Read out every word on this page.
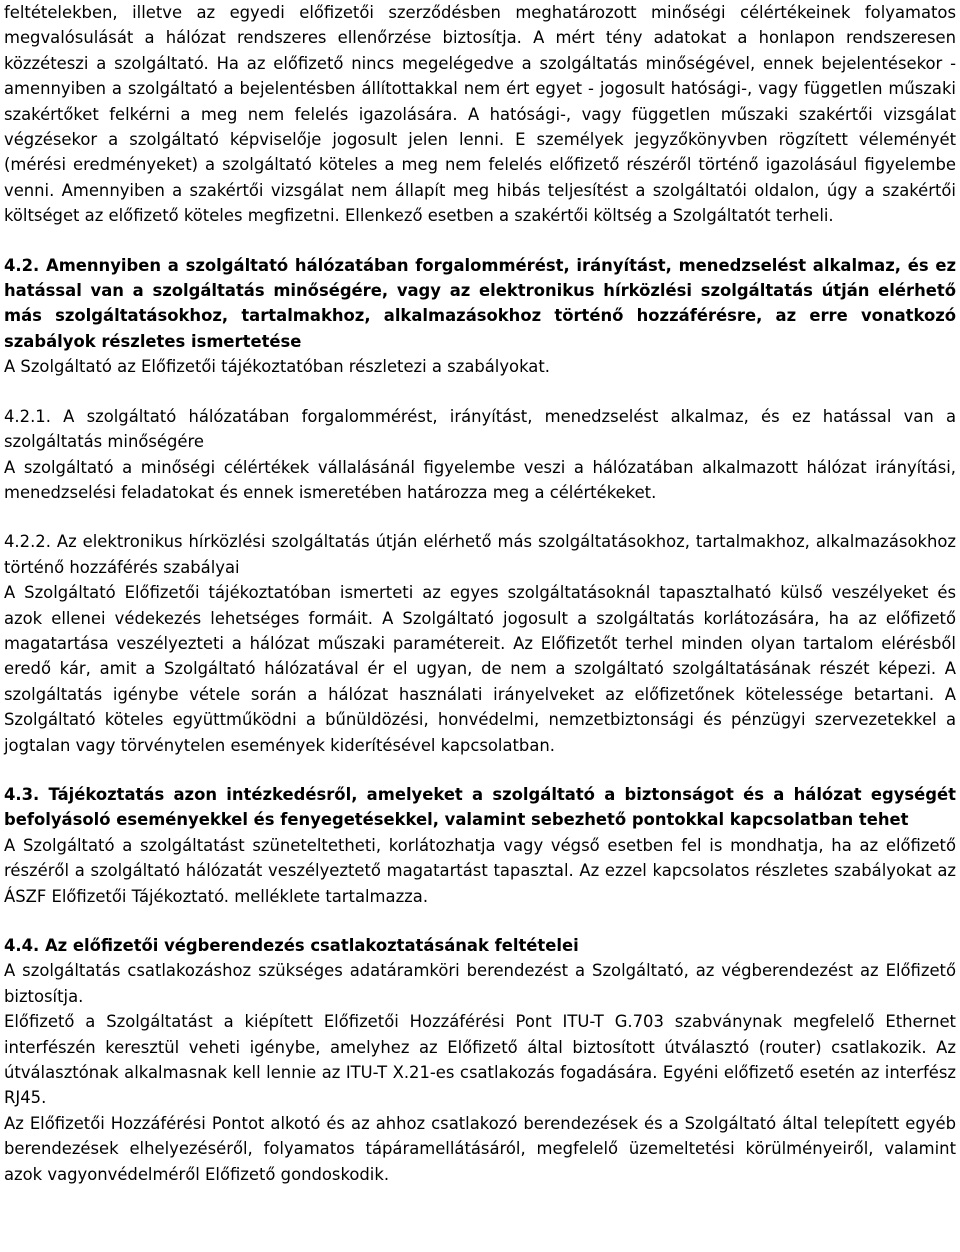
feltételekben, illetve az egyedi előfizetői szerződésben meghatározott minőségi célértékeinek folyamatos megvalósulását a hálózat rendszeres ellenőrzése biztosítja. A mért tény adatokat a honlapon rendszeresen közzéteszi a szolgáltató. Ha az előfizető nincs megelégedve a szolgáltatás minőségével, ennek bejelentésekor - amennyiben a szolgáltató a bejelentésben állítottakkal nem ért egyet - jogosult hatósági-, vagy független műszaki szakértőket felkérni a meg nem felelés igazolására. A hatósági-, vagy független műszaki szakértői vizsgálat végzésekor a szolgáltató képviselője jogosult jelen lenni. E személyek jegyzőkönyvben rögzített véleményét (mérési eredményeket) a szolgáltató köteles a meg nem felelés előfizető részéről történő igazolásául figyelembe venni. Amennyiben a szakértői vizsgálat nem állapít meg hibás teljesítést a szolgáltatói oldalon, úgy a szakértői költséget az előfizető köteles megfizetni. Ellenkező esetben a szakértői költség a Szolgáltatót terheli.

4.2. Amennyiben a szolgáltató hálózatában forgalommérést, irányítást, menedzselést alkalmaz, és ez hatással van a szolgáltatás minőségére, vagy az elektronikus hírközlési szolgáltatás útján elérhető más szolgáltatásokhoz, tartalmakhoz, alkalmazásokhoz történő hozzáférésre, az erre vonatkozó szabályok részletes ismertetése

A Szolgáltató az Előfizetői tájékoztatóban részletezi a szabályokat.

4.2.1. A szolgáltató hálózatában forgalommérést, irányítást, menedzselést alkalmaz, és ez hatással van a szolgáltatás minőségére

A szolgáltató a minőségi célértékek vállalásánál figyelembe veszi a hálózatában alkalmazott hálózat irányítási, menedzselési feladatokat és ennek ismeretében határozza meg a célértékeket.

4.2.2. Az elektronikus hírközlési szolgáltatás útján elérhető más szolgáltatásokhoz, tartalmakhoz, alkalmazásokhoz történő hozzáférés szabályai

A Szolgáltató Előfizetői tájékoztatóban ismerteti az egyes szolgáltatásoknál tapasztalható külső veszélyeket és azok ellenei védekezés lehetséges formáit. A Szolgáltató jogosult a szolgáltatás korlátozására, ha az előfizető magatartása veszélyezteti a hálózat műszaki paramétereit. Az Előfizetőt terhel minden olyan tartalom elérésből eredő kár, amit a Szolgáltató hálózatával ér el ugyan, de nem a szolgáltató szolgáltatásának részét képezi. A szolgáltatás igénybe vétele során a hálózat használati irányelveket az előfizetőnek kötelessége betartani. A Szolgáltató köteles együttműködni a bűnüldözési, honvédelmi, nemzetbiztonsági és pénzügyi szervezetekkel a jogtalan vagy törvénytelen események kiderítésével kapcsolatban.

4.3. Tájékoztatás azon intézkedésről, amelyeket a szolgáltató a biztonságot és a hálózat egységét befolyásoló eseményekkel és fenyegetésekkel, valamint sebezhető pontokkal kapcsolatban tehet

A Szolgáltató a szolgáltatást szüneteltetheti, korlátozhatja vagy végső esetben fel is mondhatja, ha az előfizető részéről a szolgáltató hálózatát veszélyeztető magatartást tapasztal. Az ezzel kapcsolatos részletes szabályokat az ÁSZF Előfizetői Tájékoztató. melléklete tartalmazza.

4.4. Az előfizetői végberendezés csatlakoztatásának feltételei

A szolgáltatás csatlakozáshoz szükséges adatáramköri berendezést a Szolgáltató, az végberendezést az Előfizető biztosítja.

Előfizető a Szolgáltatást a kiépített Előfizetői Hozzáférési Pont ITU-T G.703 szabványnak megfelelő Ethernet interfészén keresztül veheti igénybe, amelyhez az Előfizető által biztosított útválasztó (router) csatlakozik. Az útválasztónak alkalmasnak kell lennie az ITU-T X.21-es csatlakozás fogadására. Egyéni előfizető esetén az interfész RJ45.

Az Előfizetői Hozzáférési Pontot alkotó és az ahhoz csatlakozó berendezések és a Szolgáltató által telepített egyéb berendezések elhelyezéséről, folyamatos tápáramellátásáról, megfelelő üzemeltetési körülményeiről, valamint azok vagyonvédelméről Előfizető gondoskodik.
